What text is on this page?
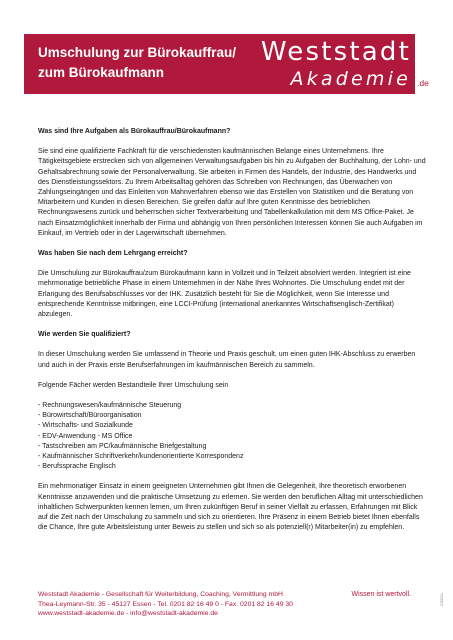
Umschulung zur Bürokauffrau/
zum Bürokaufmann
Weststadt
Akademie .de
Was sind Ihre Aufgaben als Bürokauffrau/Bürokaufmann?
Sie sind eine qualifizierte Fachkraft für die verschiedensten kaufmännischen Belange eines Unternehmens. Ihre Tätigkeitsgebiete erstrecken sich von allgemeinen Verwaltungsaufgaben bis hin zu Aufgaben der Buchhaltung, der Lohn- und Gehaltsabrechnung sowie der Personalverwaltung. Sie arbeiten in Firmen des Handels, der Industrie, des Handwerks und des Dienstleistungssektors. Zu Ihrem Arbeitsalltag gehören das Schreiben von Rechnungen, das Überwachen von Zahlungseingängen und das Einleiten von Mahnverfahren ebenso wie das Erstellen von Statistiken und die Beratung von Mitarbeitern und Kunden in diesen Bereichen. Sie greifen dafür auf Ihre guten Kenntnisse des betrieblichen Rechnungswesens zurück und beherrschen sicher Textverarbeitung und Tabellenkalkulation mit dem MS Office-Paket. Je nach Einsatzmöglichkeit innerhalb der Firma und abhängig von Ihren persönlichen Interessen können Sie auch Aufgaben im Einkauf, im Vertrieb oder in der Lagerwirtschaft übernehmen.
Was haben Sie nach dem Lehrgang erreicht?
Die Umschulung zur Bürokauffrau/zum Bürokaufmann kann in Vollzeit und in Teilzeit absolviert werden. Integriert ist eine mehrmonatige betriebliche Phase in einem Unternehmen in der Nähe Ihres Wohnortes. Die Umschulung endet mit der Erlangung des Berufsabschlusses vor der IHK. Zusätzlich besteht für Sie die Möglichkeit, wenn Sie Interesse und entsprechende Kenntnisse mitbringen, eine LCCI-Prüfung (international anerkanntes Wirtschaftsenglisch-Zertifikat) abzulegen.
Wie werden Sie qualifiziert?
In dieser Umschulung werden Sie umfassend in Theorie und Praxis geschult, um einen guten IHK-Abschluss zu erwerben und auch in der Praxis erste Berufserfahrungen im kaufmännischen Bereich zu sammeln.
Folgende Fächer werden Bestandteile Ihrer Umschulung sein
- Rechnungswesen/kaufmännische Steuerung
- Bürowirtschaft/Büroorganisation
- Wirtschafts- und Sozialkunde
- EDV-Anwendung - MS Office
- Tastschreiben am PC/kaufmännische Briefgestaltung
- Kaufmännischer Schriftverkehr/kundenorientierte Korrespondenz
- Berufssprache Englisch
Ein mehrmonatiger Einsatz in einem geeigneten Unternehmen gibt Ihnen die Gelegenheit, Ihre theoretisch erworbenen Kenntnisse anzuwenden und die praktische Umsetzung zu erlernen. Sie werden den beruflichen Alltag mit unterschiedlichen inhaltlichen Schwerpunkten kennen lernen, um Ihren zukünftigen Beruf in seiner Vielfalt zu erfassen, Erfahrungen mit Blick auf die Zeit nach der Umschulung zu sammeln und sich zu orientieren. Ihre Präsenz in einem Betrieb bietet Ihnen ebenfalls die Chance, Ihre gute Arbeitsleistung unter Beweis zu stellen und sich so als potenziell(r) Mitarbeiter(in) zu empfehlen.
Weststadt Akademie - Gesellschaft für Weiterbildung, Coaching, Vermittlung mbH
Thea-Leymann-Str. 35 - 45127 Essen - Tel. 0201 82 16 49 0 - Fax. 0201 82 16 49 30
www.weststadt-akademie.de - info@weststadt-akademie.de
Wissen ist wertvoll.	ZJ02011
